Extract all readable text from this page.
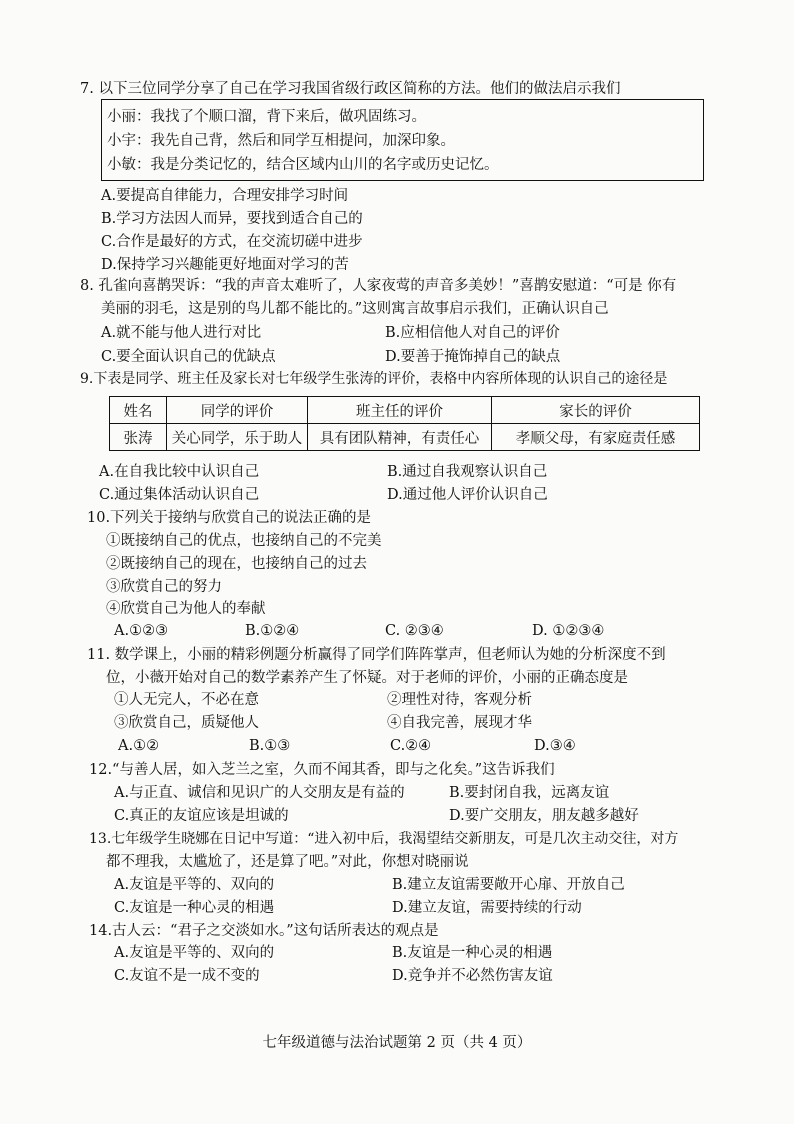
7. 以下三位同学分享了自己在学习我国省级行政区简称的方法。他们的做法启示我们
小丽：我找了个顺口溜，背下来后，做巩固练习。
小宇：我先自己背，然后和同学互相提问，加深印象。
小敏：我是分类记忆的，结合区域内山川的名字或历史记忆。
A.要提高自律能力，合理安排学习时间
B.学习方法因人而异，要找到适合自己的
C.合作是最好的方式，在交流切磋中进步
D.保持学习兴趣能更好地面对学习的苦
8. 孔雀向喜鹊哭诉：“我的声音太难听了，人家夜莺的声音多美妙！”喜鹊安慰道：“可是 你有
美丽的羽毛，这是别的鸟儿都不能比的。”这则寓言故事启示我们，正确认识自己
A.就不能与他人进行对比	B.应相信他人对自己的评价
C.要全面认识自己的优缺点	D.要善于掩饰掉自己的缺点
9.下表是同学、班主任及家长对七年级学生张涛的评价，表格中内容所体现的认识自己的途径是
姓名	同学的评价	班主任的评价	家长的评价
张涛	关心同学，乐于助人	具有团队精神，有责任心	孝顺父母，有家庭责任感
A.在自我比较中认识自己	B.通过自我观察认识自己
C.通过集体活动认识自己	D.通过他人评价认识自己
10.下列关于接纳与欣赏自己的说法正确的是
①既接纳自己的优点，也接纳自己的不完美
②既接纳自己的现在，也接纳自己的过去
③欣赏自己的努力
④欣赏自己为他人的奉献
A.①②③	B.①②④	C. ②③④	D. ①②③④
11. 数学课上，小丽的精彩例题分析赢得了同学们阵阵掌声，但老师认为她的分析深度不到
位，小薇开始对自己的数学素养产生了怀疑。对于老师的评价，小丽的正确态度是
①人无完人，不必在意	②理性对待，客观分析
③欣赏自己，质疑他人	④自我完善，展现才华
A.①②	B.①③	C.②④	D.③④
12.“与善人居，如入芝兰之室，久而不闻其香，即与之化矣。”这告诉我们
A.与正直、诚信和见识广的人交朋友是有益的	B.要封闭自我，远离友谊
C.真正的友谊应该是坦诚的	D.要广交朋友，朋友越多越好
13.七年级学生晓娜在日记中写道：“进入初中后，我渴望结交新朋友，可是几次主动交往，对方
都不理我，太尴尬了，还是算了吧。”对此，你想对晓丽说
A.友谊是平等的、双向的	B.建立友谊需要敞开心扉、开放自己
C.友谊是一种心灵的相遇	D.建立友谊，需要持续的行动
14.古人云：“君子之交淡如水。”这句话所表达的观点是
A.友谊是平等的、双向的	B.友谊是一种心灵的相遇
C.友谊不是一成不变的	D.竞争并不必然伤害友谊
七年级道德与法治试题第 2 页（共 4 页）
